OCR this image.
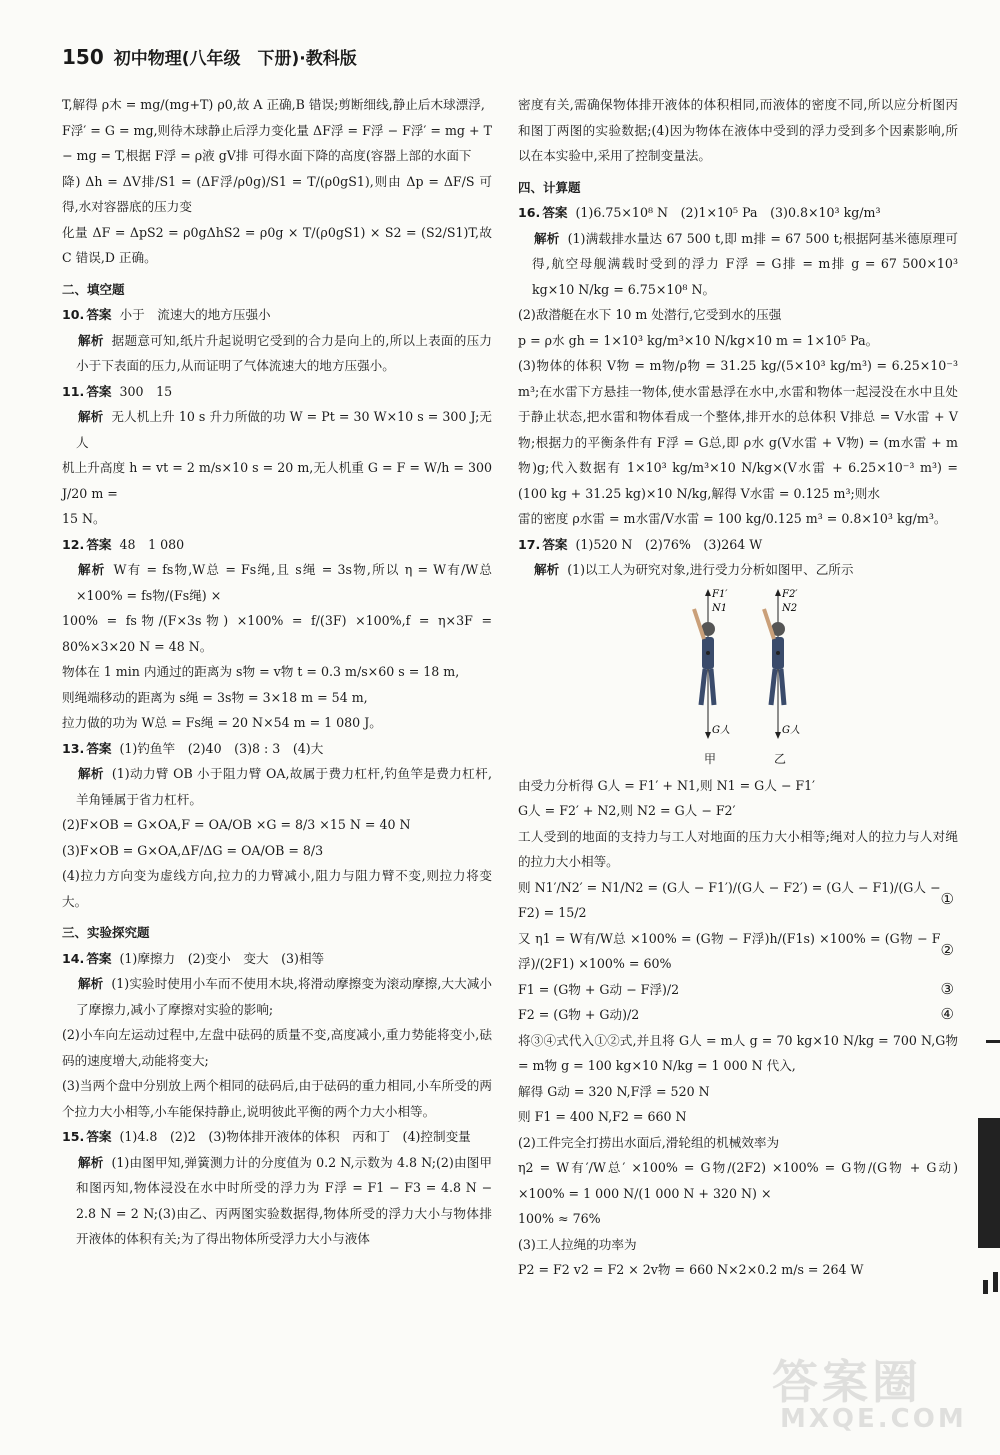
150 初中物理(八年级　下册)·教科版

T,解得 ρ木 = mg/(mg+T) ρ0,故 A 正确,B 错误;剪断细线,静止后木球漂浮,

F浮′ = G = mg,则待木球静止后浮力变化量 ΔF浮 = F浮 − F浮′ = mg + T − mg = T,根据 F浮 = ρ液 gV排 可得水面下降的高度(容器上部的水面下

降) Δh = ΔV排/S1 = (ΔF浮/ρ0g)/S1 = T/(ρ0gS1),则由 Δp = ΔF/S 可得,水对容器底的压力变

化量 ΔF = ΔpS2 = ρ0gΔhS2 = ρ0g × T/(ρ0gS1) × S2 = (S2/S1)T,故 C 错误,D 正确。

二、填空题

10. 答案 小于　流速大的地方压强小

解析 据题意可知,纸片升起说明它受到的合力是向上的,所以上表面的压力小于下表面的压力,从而证明了气体流速大的地方压强小。

11. 答案 300　15

解析 无人机上升 10 s 升力所做的功 W = Pt = 30 W×10 s = 300 J;无人

机上升高度 h = vt = 2 m/s×10 s = 20 m,无人机重 G = F = W/h = 300 J/20 m =

15 N。

12. 答案 48　1 080

解析 W有 = fs物,W总 = Fs绳,且 s绳 = 3s物,所以 η = W有/W总 ×100% = fs物/(Fs绳) ×

100% = fs物/(F×3s物) ×100% = f/(3F) ×100%,f = η×3F = 80%×3×20 N = 48 N。

物体在 1 min 内通过的距离为 s物 = v物 t = 0.3 m/s×60 s = 18 m,

则绳端移动的距离为 s绳 = 3s物 = 3×18 m = 54 m,

拉力做的功为 W总 = Fs绳 = 20 N×54 m = 1 080 J。

13. 答案 (1)钓鱼竿　(2)40　(3)8 : 3　(4)大

解析 (1)动力臂 OB 小于阻力臂 OA,故属于费力杠杆,钓鱼竿是费力杠杆,羊角锤属于省力杠杆。

(2)F×OB = G×OA,F = OA/OB ×G = 8/3 ×15 N = 40 N

(3)F×OB = G×OA,ΔF/ΔG = OA/OB = 8/3

(4)拉力方向变为虚线方向,拉力的力臂减小,阻力与阻力臂不变,则拉力将变大。

三、实验探究题

14. 答案 (1)摩擦力　(2)变小　变大　(3)相等

解析 (1)实验时使用小车而不使用木块,将滑动摩擦变为滚动摩擦,大大减小了摩擦力,减小了摩擦对实验的影响;

(2)小车向左运动过程中,左盘中砝码的质量不变,高度减小,重力势能将变小,砝码的速度增大,动能将变大;

(3)当两个盘中分别放上两个相同的砝码后,由于砝码的重力相同,小车所受的两个拉力大小相等,小车能保持静止,说明彼此平衡的两个力大小相等。

15. 答案 (1)4.8　(2)2　(3)物体排开液体的体积　丙和丁　(4)控制变量

解析 (1)由图甲知,弹簧测力计的分度值为 0.2 N,示数为 4.8 N;(2)由图甲和图丙知,物体浸没在水中时所受的浮力为 F浮 = F1 − F3 = 4.8 N − 2.8 N = 2 N;(3)由乙、丙两图实验数据得,物体所受的浮力大小与物体排开液体的体积有关;为了得出物体所受浮力大小与液体

密度有关,需确保物体排开液体的体积相同,而液体的密度不同,所以应分析图丙和图丁两图的实验数据;(4)因为物体在液体中受到的浮力受到多个因素影响,所以在本实验中,采用了控制变量法。

四、计算题

16. 答案 (1)6.75×10⁸ N　(2)1×10⁵ Pa　(3)0.8×10³ kg/m³

解析 (1)满载排水量达 67 500 t,即 m排 = 67 500 t;根据阿基米德原理可得,航空母舰满载时受到的浮力 F浮 = G排 = m排 g = 67 500×10³ kg×10 N/kg = 6.75×10⁸ N。

(2)敌潜艇在水下 10 m 处潜行,它受到水的压强

p = ρ水 gh = 1×10³ kg/m³×10 N/kg×10 m = 1×10⁵ Pa。

(3)物体的体积 V物 = m物/ρ物 = 31.25 kg/(5×10³ kg/m³) = 6.25×10⁻³ m³;在水雷下方悬挂一物体,使水雷悬浮在水中,水雷和物体一起浸没在水中且处于静止状态,把水雷和物体看成一个整体,排开水的总体积 V排总 = V水雷 + V物;根据力的平衡条件有 F浮 = G总,即 ρ水 g(V水雷 + V物) = (m水雷 + m物)g;代入数据有 1×10³ kg/m³×10 N/kg×(V水雷 + 6.25×10⁻³ m³) = (100 kg + 31.25 kg)×10 N/kg,解得 V水雷 = 0.125 m³;则水

雷的密度 ρ水雷 = m水雷/V水雷 = 100 kg/0.125 m³ = 0.8×10³ kg/m³。

17. 答案 (1)520 N　(2)76%　(3)264 W

解析 (1)以工人为研究对象,进行受力分析如图甲、乙所示

F1′
N1
G人
F2′
N2
G人
甲	乙

由受力分析得 G人 = F1′ + N1,则 N1 = G人 − F1′

G人 = F2′ + N2,则 N2 = G人 − F2′

工人受到的地面的支持力与工人对地面的压力大小相等;绳对人的拉力与人对绳的拉力大小相等。

则 N1′/N2′ = N1/N2 = (G人 − F1′)/(G人 − F2′) = (G人 − F1)/(G人 − F2) = 15/2
①

又 η1 = W有/W总 ×100% = (G物 − F浮)h/(F1s) ×100% = (G物 − F浮)/(2F1) ×100% = 60%
②

F1 = (G物 + G动 − F浮)/2	③

F2 = (G物 + G动)/2	④

将③④式代入①②式,并且将 G人 = m人 g = 70 kg×10 N/kg = 700 N,G物 = m物 g = 100 kg×10 N/kg = 1 000 N 代入,

解得 G动 = 320 N,F浮 = 520 N

则 F1 = 400 N,F2 = 660 N

(2)工件完全打捞出水面后,滑轮组的机械效率为

η2 = W有′/W总′ ×100% = G物/(2F2) ×100% = G物/(G物 + G动) ×100% = 1 000 N/(1 000 N + 320 N) ×

100% ≈ 76%

(3)工人拉绳的功率为

P2 = F2 v2 = F2 × 2v物 = 660 N×2×0.2 m/s = 264 W

答案圈
MXQE.COM
